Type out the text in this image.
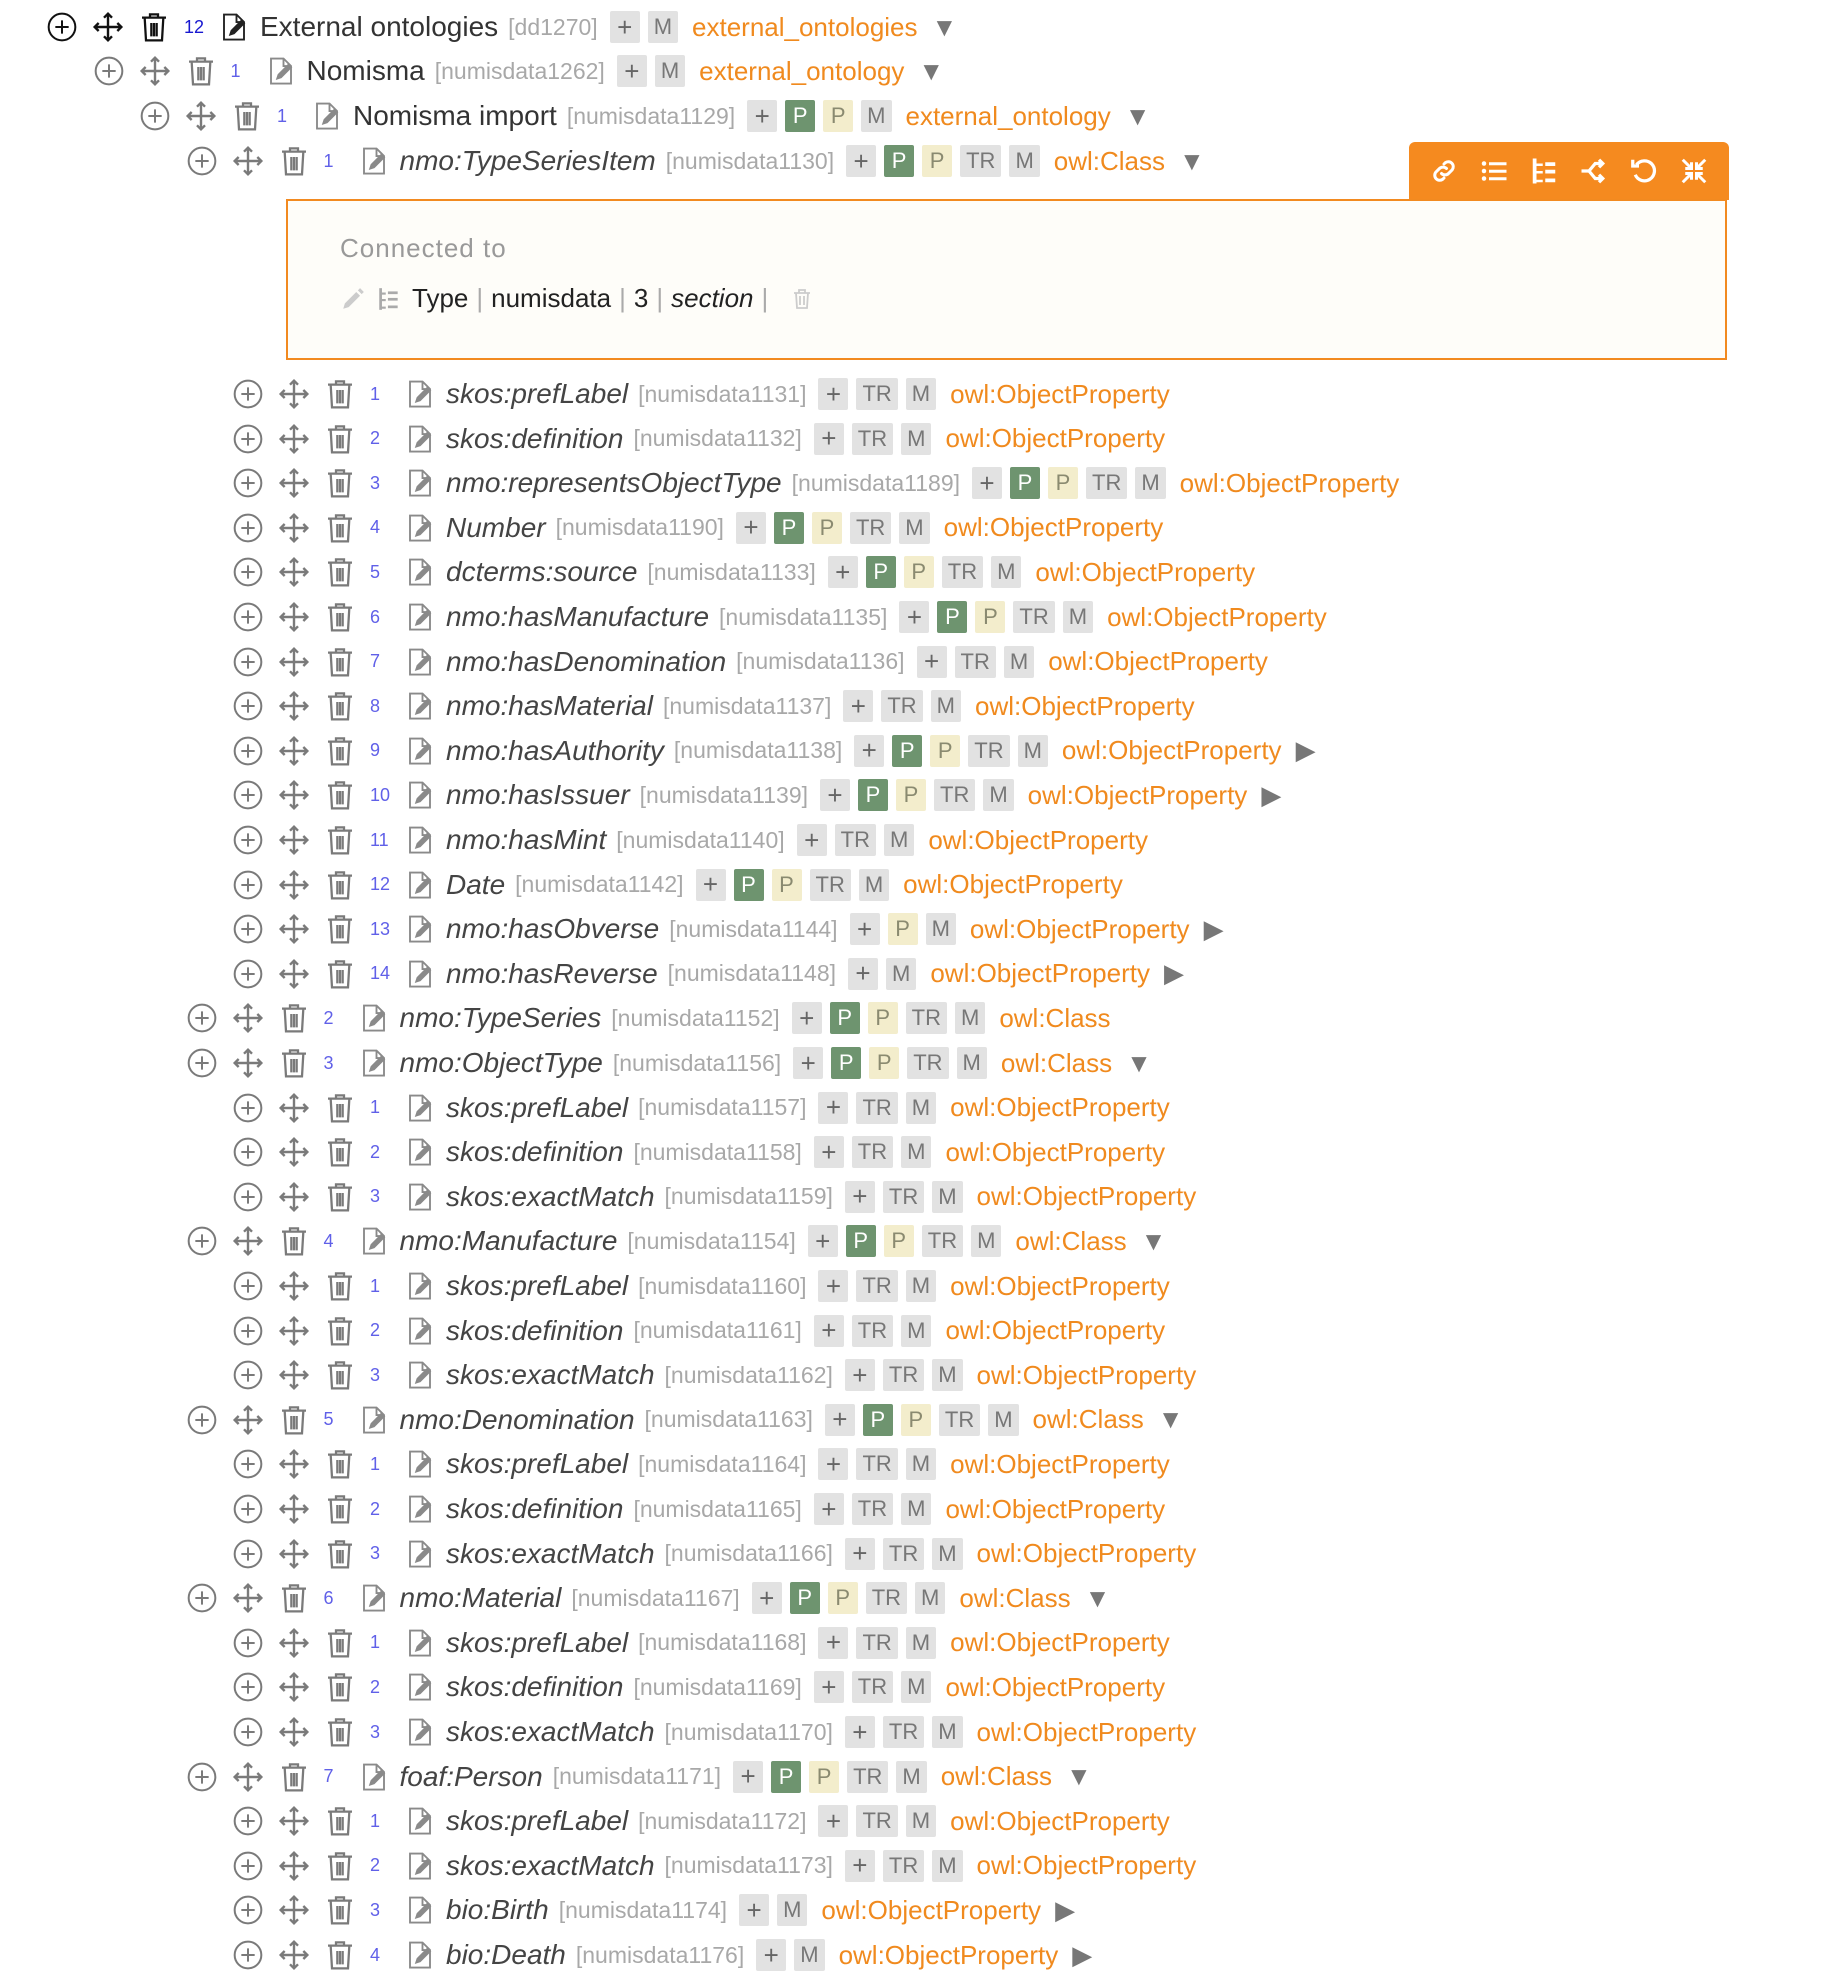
12 External ontologies [dd1270] + M external_ontologies ▼
1	Nomisma [numisdata1262] + M external_ontology ▼
1	Nomisma import [numisdata1129] +	P	P M external_ontology ▼
1	nmo:TypeSeriesItem [numisdata1130] +	P	P TR M owl:Class ▼
1	skos:prefLabel [numisdata1131] + TR M owl:ObjectProperty
2	skos:definition [numisdata1132] + TR M owl:ObjectProperty
3	nmo:representsObjectType [numisdata1189] +	P	P TR M owl:ObjectProperty
4	Number [numisdata1190] +	P	P TR M owl:ObjectProperty
5	dcterms:source [numisdata1133] +	P	P TR M owl:ObjectProperty
6	nmo:hasManufacture [numisdata1135] +	P	P TR M owl:ObjectProperty
7	nmo:hasDenomination [numisdata1136] + TR M owl:ObjectProperty
8	nmo:hasMaterial [numisdata1137] + TR M owl:ObjectProperty
9	nmo:hasAuthority [numisdata1138] +	P	P TR M owl:ObjectProperty ▶
10 nmo:hasIssuer [numisdata1139] +	P	P TR M owl:ObjectProperty ▶
11 nmo:hasMint [numisdata1140] + TR M owl:ObjectProperty
12 Date [numisdata1142] +	P	P TR M owl:ObjectProperty
13 nmo:hasObverse [numisdata1144] +	P M owl:ObjectProperty ▶
14 nmo:hasReverse [numisdata1148] + M owl:ObjectProperty ▶
2	nmo:TypeSeries [numisdata1152] +	P	P TR M owl:Class
3	nmo:ObjectType [numisdata1156] +	P	P TR M owl:Class ▼
1	skos:prefLabel [numisdata1157] + TR M owl:ObjectProperty
2	skos:definition [numisdata1158] + TR M owl:ObjectProperty
3	skos:exactMatch [numisdata1159] + TR M owl:ObjectProperty
4	nmo:Manufacture [numisdata1154] +	P	P TR M owl:Class ▼
1	skos:prefLabel [numisdata1160] + TR M owl:ObjectProperty
2	skos:definition [numisdata1161] + TR M owl:ObjectProperty
3	skos:exactMatch [numisdata1162] + TR M owl:ObjectProperty
5	nmo:Denomination [numisdata1163] +	P	P TR M owl:Class ▼
1	skos:prefLabel [numisdata1164] + TR M owl:ObjectProperty
2	skos:definition [numisdata1165] + TR M owl:ObjectProperty
3	skos:exactMatch [numisdata1166] + TR M owl:ObjectProperty
6	nmo:Material [numisdata1167] +	P	P TR M owl:Class ▼
1	skos:prefLabel [numisdata1168] + TR M owl:ObjectProperty
2	skos:definition [numisdata1169] + TR M owl:ObjectProperty
3	skos:exactMatch [numisdata1170] + TR M owl:ObjectProperty
7	foaf:Person [numisdata1171] +	P	P TR M owl:Class ▼
1	skos:prefLabel [numisdata1172] + TR M owl:ObjectProperty
2	skos:exactMatch [numisdata1173] + TR M owl:ObjectProperty
3	bio:Birth [numisdata1174] + M owl:ObjectProperty ▶
4	bio:Death [numisdata1176] + M owl:ObjectProperty ▶
Connected to
Type | numisdata | 3 | section |
